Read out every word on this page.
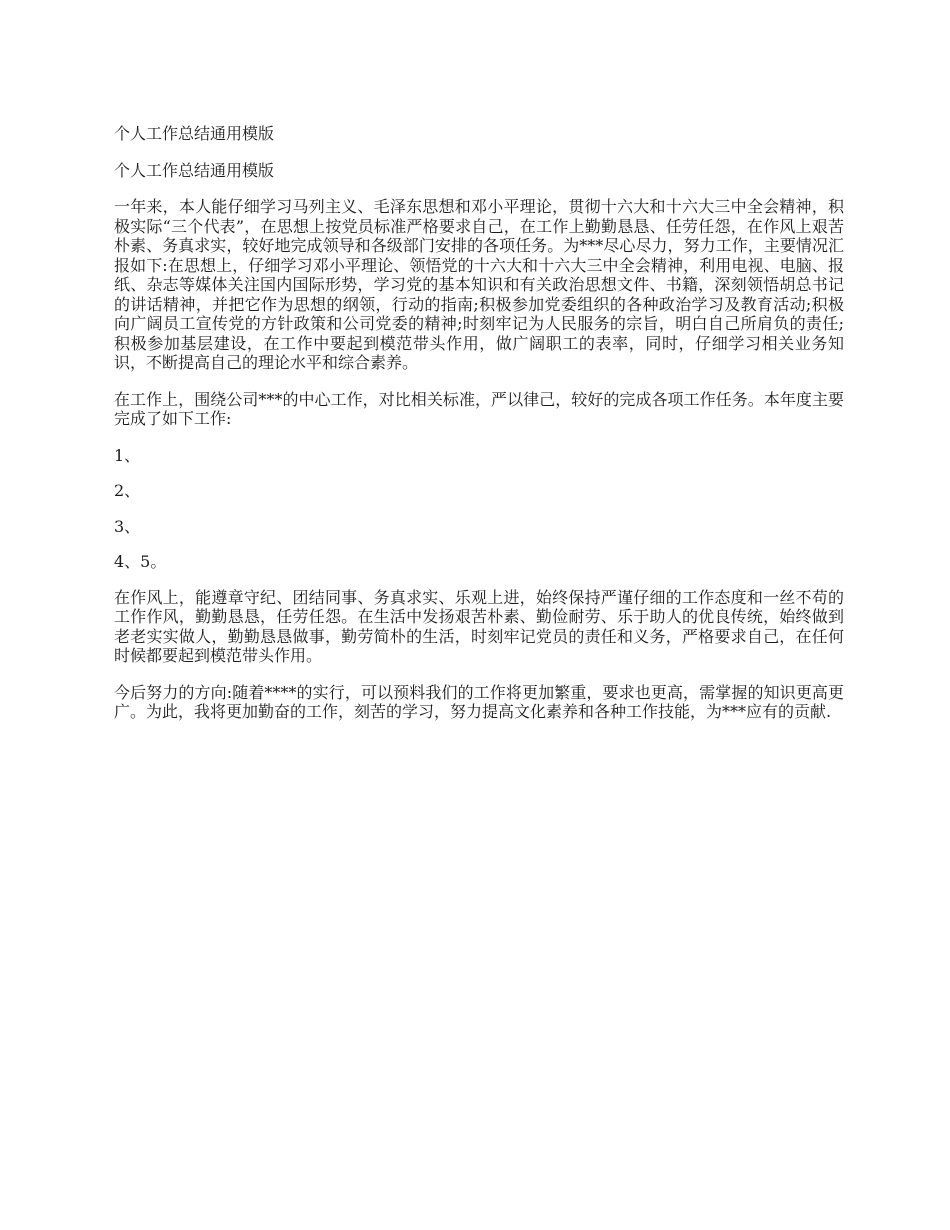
个人工作总结通用模版

个人工作总结通用模版

一年来，本人能仔细学习马列主义、毛泽东思想和邓小平理论，贯彻十六大和十六大三中全会精神，积极实际“三个代表”，在思想上按党员标准严格要求自己，在工作上勤勤恳恳、任劳任怨，在作风上艰苦朴素、务真求实，较好地完成领导和各级部门安排的各项任务。为***尽心尽力，努力工作，主要情况汇报如下:在思想上，仔细学习邓小平理论、领悟党的十六大和十六大三中全会精神，利用电视、电脑、报纸、杂志等媒体关注国内国际形势，学习党的基本知识和有关政治思想文件、书籍，深刻领悟胡总书记的讲话精神，并把它作为思想的纲领，行动的指南;积极参加党委组织的各种政治学习及教育活动;积极向广阔员工宣传党的方针政策和公司党委的精神;时刻牢记为人民服务的宗旨，明白自己所肩负的责任;积极参加基层建设，在工作中要起到模范带头作用，做广阔职工的表率，同时，仔细学习相关业务知识，不断提高自己的理论水平和综合素养。

在工作上，围绕公司***的中心工作，对比相关标准，严以律己，较好的完成各项工作任务。本年度主要完成了如下工作:

1、

2、

3、

4、5。

在作风上，能遵章守纪、团结同事、务真求实、乐观上进，始终保持严谨仔细的工作态度和一丝不苟的工作作风，勤勤恳恳，任劳任怨。在生活中发扬艰苦朴素、勤俭耐劳、乐于助人的优良传统，始终做到老老实实做人，勤勤恳恳做事，勤劳简朴的生活，时刻牢记党员的责任和义务，严格要求自己，在任何时候都要起到模范带头作用。

今后努力的方向:随着****的实行，可以预料我们的工作将更加繁重，要求也更高，需掌握的知识更高更广。为此，我将更加勤奋的工作，刻苦的学习，努力提高文化素养和各种工作技能，为***应有的贡献.
